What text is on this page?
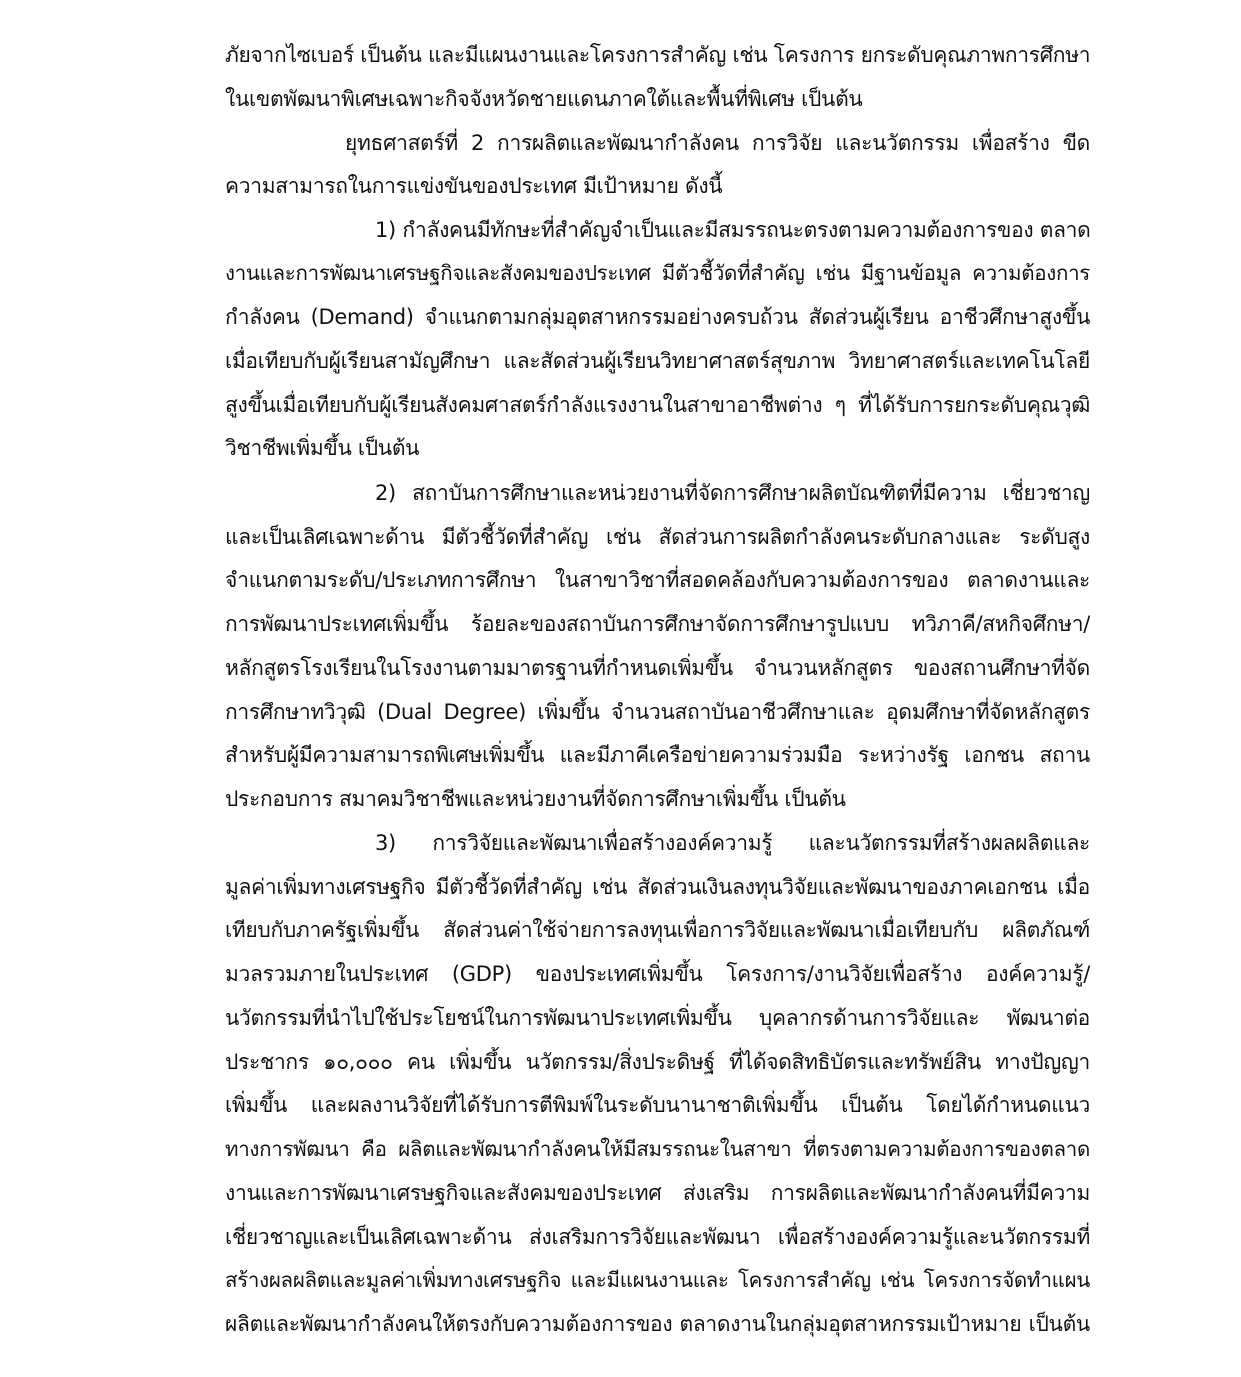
ภัยจากไซเบอร์ เป็นต้น และมีแผนงานและโครงการสำคัญ เช่น โครงการ ยกระดับคุณภาพการศึกษา
ในเขตพัฒนาพิเศษเฉพาะกิจจังหวัดชายแดนภาคใต้และพื้นที่พิเศษ เป็นต้น
ยุทธศาสตร์ที่ 2 การผลิตและพัฒนากำลังคน การวิจัย และนวัตกรรม เพื่อสร้าง ขีด
ความสามารถในการแข่งขันของประเทศ มีเป้าหมาย ดังนี้
1) กำลังคนมีทักษะที่สำคัญจำเป็นและมีสมรรถนะตรงตามความต้องการของ ตลาด
งานและการพัฒนาเศรษฐกิจและสังคมของประเทศ มีตัวชี้วัดที่สำคัญ เช่น มีฐานข้อมูล ความต้องการ
กำลังคน (Demand) จำแนกตามกลุ่มอุตสาหกรรมอย่างครบถ้วน สัดส่วนผู้เรียน อาชีวศึกษาสูงขึ้น
เมื่อเทียบกับผู้เรียนสามัญศึกษา และสัดส่วนผู้เรียนวิทยาศาสตร์สุขภาพ วิทยาศาสตร์และเทคโนโลยี
สูงขึ้นเมื่อเทียบกับผู้เรียนสังคมศาสตร์กำลังแรงงานในสาขาอาชีพต่าง ๆ ที่ได้รับการยกระดับคุณวุฒิ
วิชาชีพเพิ่มขึ้น เป็นต้น
2) สถาบันการศึกษาและหน่วยงานที่จัดการศึกษาผลิตบัณฑิตที่มีความ เชี่ยวชาญ
และเป็นเลิศเฉพาะด้าน มีตัวชี้วัดที่สำคัญ เช่น สัดส่วนการผลิตกำลังคนระดับกลางและ ระดับสูง
จำแนกตามระดับ/ประเภทการศึกษา ในสาขาวิชาที่สอดคล้องกับความต้องการของ ตลาดงานและ
การพัฒนาประเทศเพิ่มขึ้น ร้อยละของสถาบันการศึกษาจัดการศึกษารูปแบบ ทวิภาคี/สหกิจศึกษา/
หลักสูตรโรงเรียนในโรงงานตามมาตรฐานที่กำหนดเพิ่มขึ้น จำนวนหลักสูตร ของสถานศึกษาที่จัด
การศึกษาทวิวุฒิ (Dual Degree) เพิ่มขึ้น จำนวนสถาบันอาชีวศึกษาและ อุดมศึกษาที่จัดหลักสูตร
สำหรับผู้มีความสามารถพิเศษเพิ่มขึ้น และมีภาคีเครือข่ายความร่วมมือ ระหว่างรัฐ เอกชน สถาน
ประกอบการ สมาคมวิชาชีพและหน่วยงานที่จัดการศึกษาเพิ่มขึ้น เป็นต้น
3) การวิจัยและพัฒนาเพื่อสร้างองค์ความรู้ และนวัตกรรมที่สร้างผลผลิตและ
มูลค่าเพิ่มทางเศรษฐกิจ มีตัวชี้วัดที่สำคัญ เช่น สัดส่วนเงินลงทุนวิจัยและพัฒนาของภาคเอกชน เมื่อ
เทียบกับภาครัฐเพิ่มขึ้น สัดส่วนค่าใช้จ่ายการลงทุนเพื่อการวิจัยและพัฒนาเมื่อเทียบกับ ผลิตภัณฑ์
มวลรวมภายในประเทศ (GDP) ของประเทศเพิ่มขึ้น โครงการ/งานวิจัยเพื่อสร้าง องค์ความรู้/
นวัตกรรมที่นำไปใช้ประโยชน์ในการพัฒนาประเทศเพิ่มขึ้น บุคลากรด้านการวิจัยและ พัฒนาต่อ
ประชากร ๑๐,๐๐๐ คน เพิ่มขึ้น นวัตกรรม/สิ่งประดิษฐ์ ที่ได้จดสิทธิบัตรและทรัพย์สิน ทางปัญญา
เพิ่มขึ้น และผลงานวิจัยที่ได้รับการตีพิมพ์ในระดับนานาชาติเพิ่มขึ้น เป็นต้น โดยได้กำหนดแนว
ทางการพัฒนา คือ ผลิตและพัฒนากำลังคนให้มีสมรรถนะในสาขา ที่ตรงตามความต้องการของตลาด
งานและการพัฒนาเศรษฐกิจและสังคมของประเทศ ส่งเสริม การผลิตและพัฒนากำลังคนที่มีความ
เชี่ยวชาญและเป็นเลิศเฉพาะด้าน ส่งเสริมการวิจัยและพัฒนา เพื่อสร้างองค์ความรู้และนวัตกรรมที่
สร้างผลผลิตและมูลค่าเพิ่มทางเศรษฐกิจ และมีแผนงานและ โครงการสำคัญ เช่น โครงการจัดทำแผน
ผลิตและพัฒนากำลังคนให้ตรงกับความต้องการของ ตลาดงานในกลุ่มอุตสาหกรรมเป้าหมาย เป็นต้น
